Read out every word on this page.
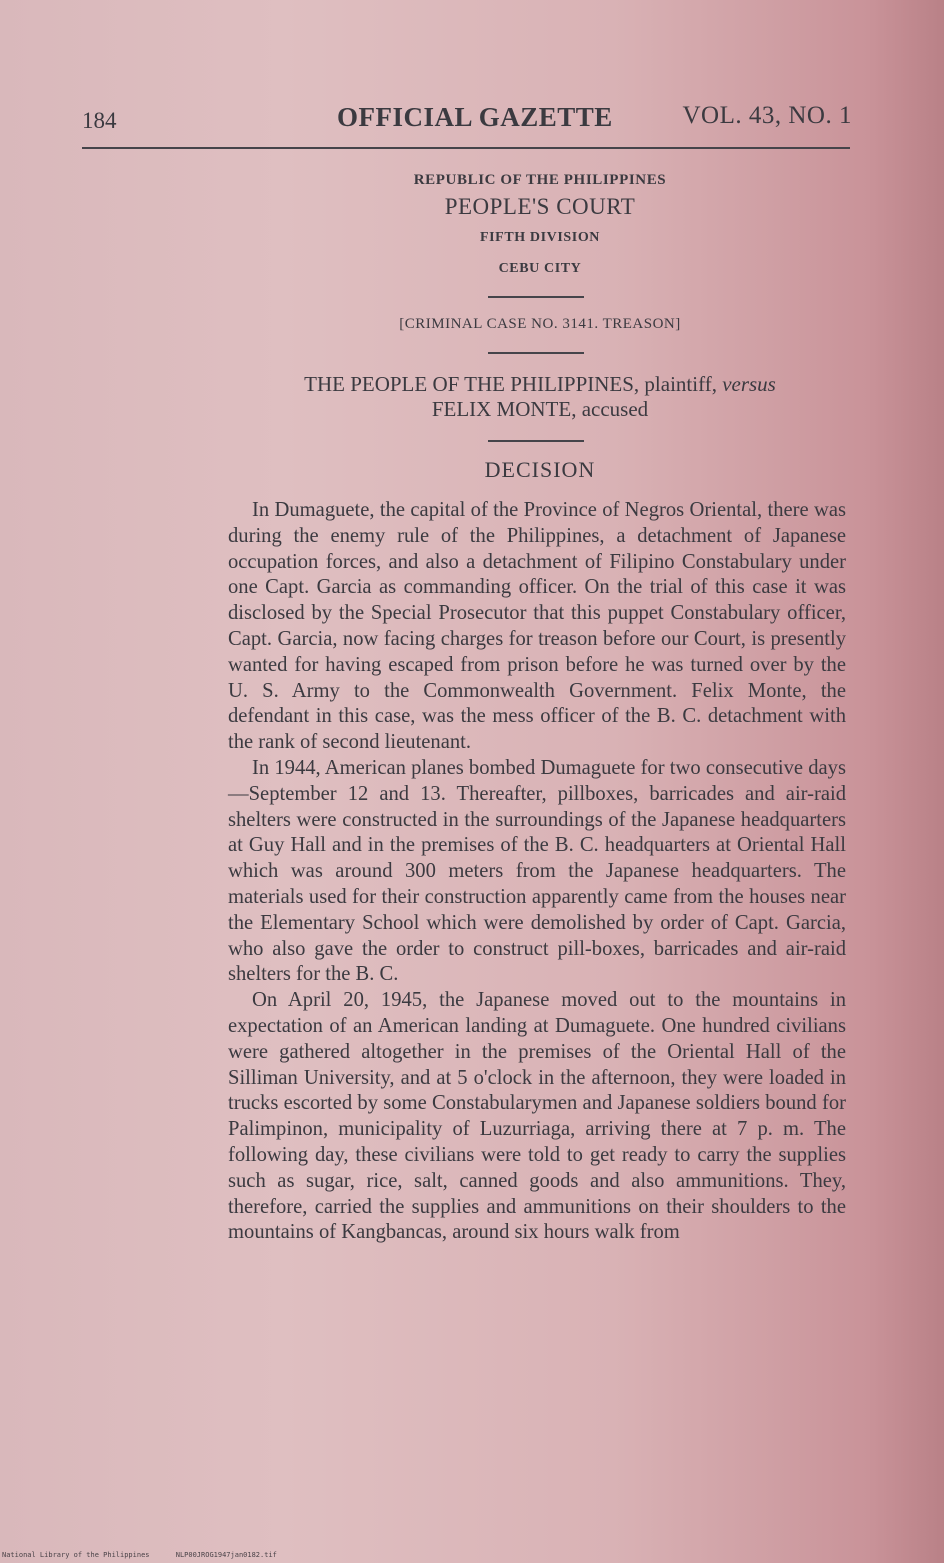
184	OFFICIAL GAZETTE	VOL. 43, NO. 1
REPUBLIC OF THE PHILIPPINES
PEOPLE'S COURT
FIFTH DIVISION
CEBU CITY
[CRIMINAL CASE NO. 3141. TREASON]
THE PEOPLE OF THE PHILIPPINES, plaintiff, versus
FELIX MONTE, accused
DECISION

In Dumaguete, the capital of the Province of Negros Oriental, there was during the enemy rule of the Philippines, a detachment of Japanese occupation forces, and also a detachment of Filipino Constabulary under one Capt. Garcia as commanding officer. On the trial of this case it was disclosed by the Special Prosecutor that this puppet Constabulary officer, Capt. Garcia, now facing charges for treason before our Court, is presently wanted for having escaped from prison before he was turned over by the U. S. Army to the Commonwealth Government. Felix Monte, the defendant in this case, was the mess officer of the B. C. detachment with the rank of second lieutenant.

In 1944, American planes bombed Dumaguete for two consecutive days—September 12 and 13. Thereafter, pillboxes, barricades and air-raid shelters were constructed in the surroundings of the Japanese headquarters at Guy Hall and in the premises of the B. C. headquarters at Oriental Hall which was around 300 meters from the Japanese headquarters. The materials used for their construction apparently came from the houses near the Elementary School which were demolished by order of Capt. Garcia, who also gave the order to construct pill-boxes, barricades and air-raid shelters for the B. C.

On April 20, 1945, the Japanese moved out to the mountains in expectation of an American landing at Dumaguete. One hundred civilians were gathered altogether in the premises of the Oriental Hall of the Silliman University, and at 5 o'clock in the afternoon, they were loaded in trucks escorted by some Constabularymen and Japanese soldiers bound for Palimpinon, municipality of Luzurriaga, arriving there at 7 p. m. The following day, these civilians were told to get ready to carry the supplies such as sugar, rice, salt, canned goods and also ammunitions. They, therefore, carried the supplies and ammunitions on their shoulders to the mountains of Kangbancas, around six hours walk from

National Library of the Philippines	NLP00JROG1947jan0182.tif
